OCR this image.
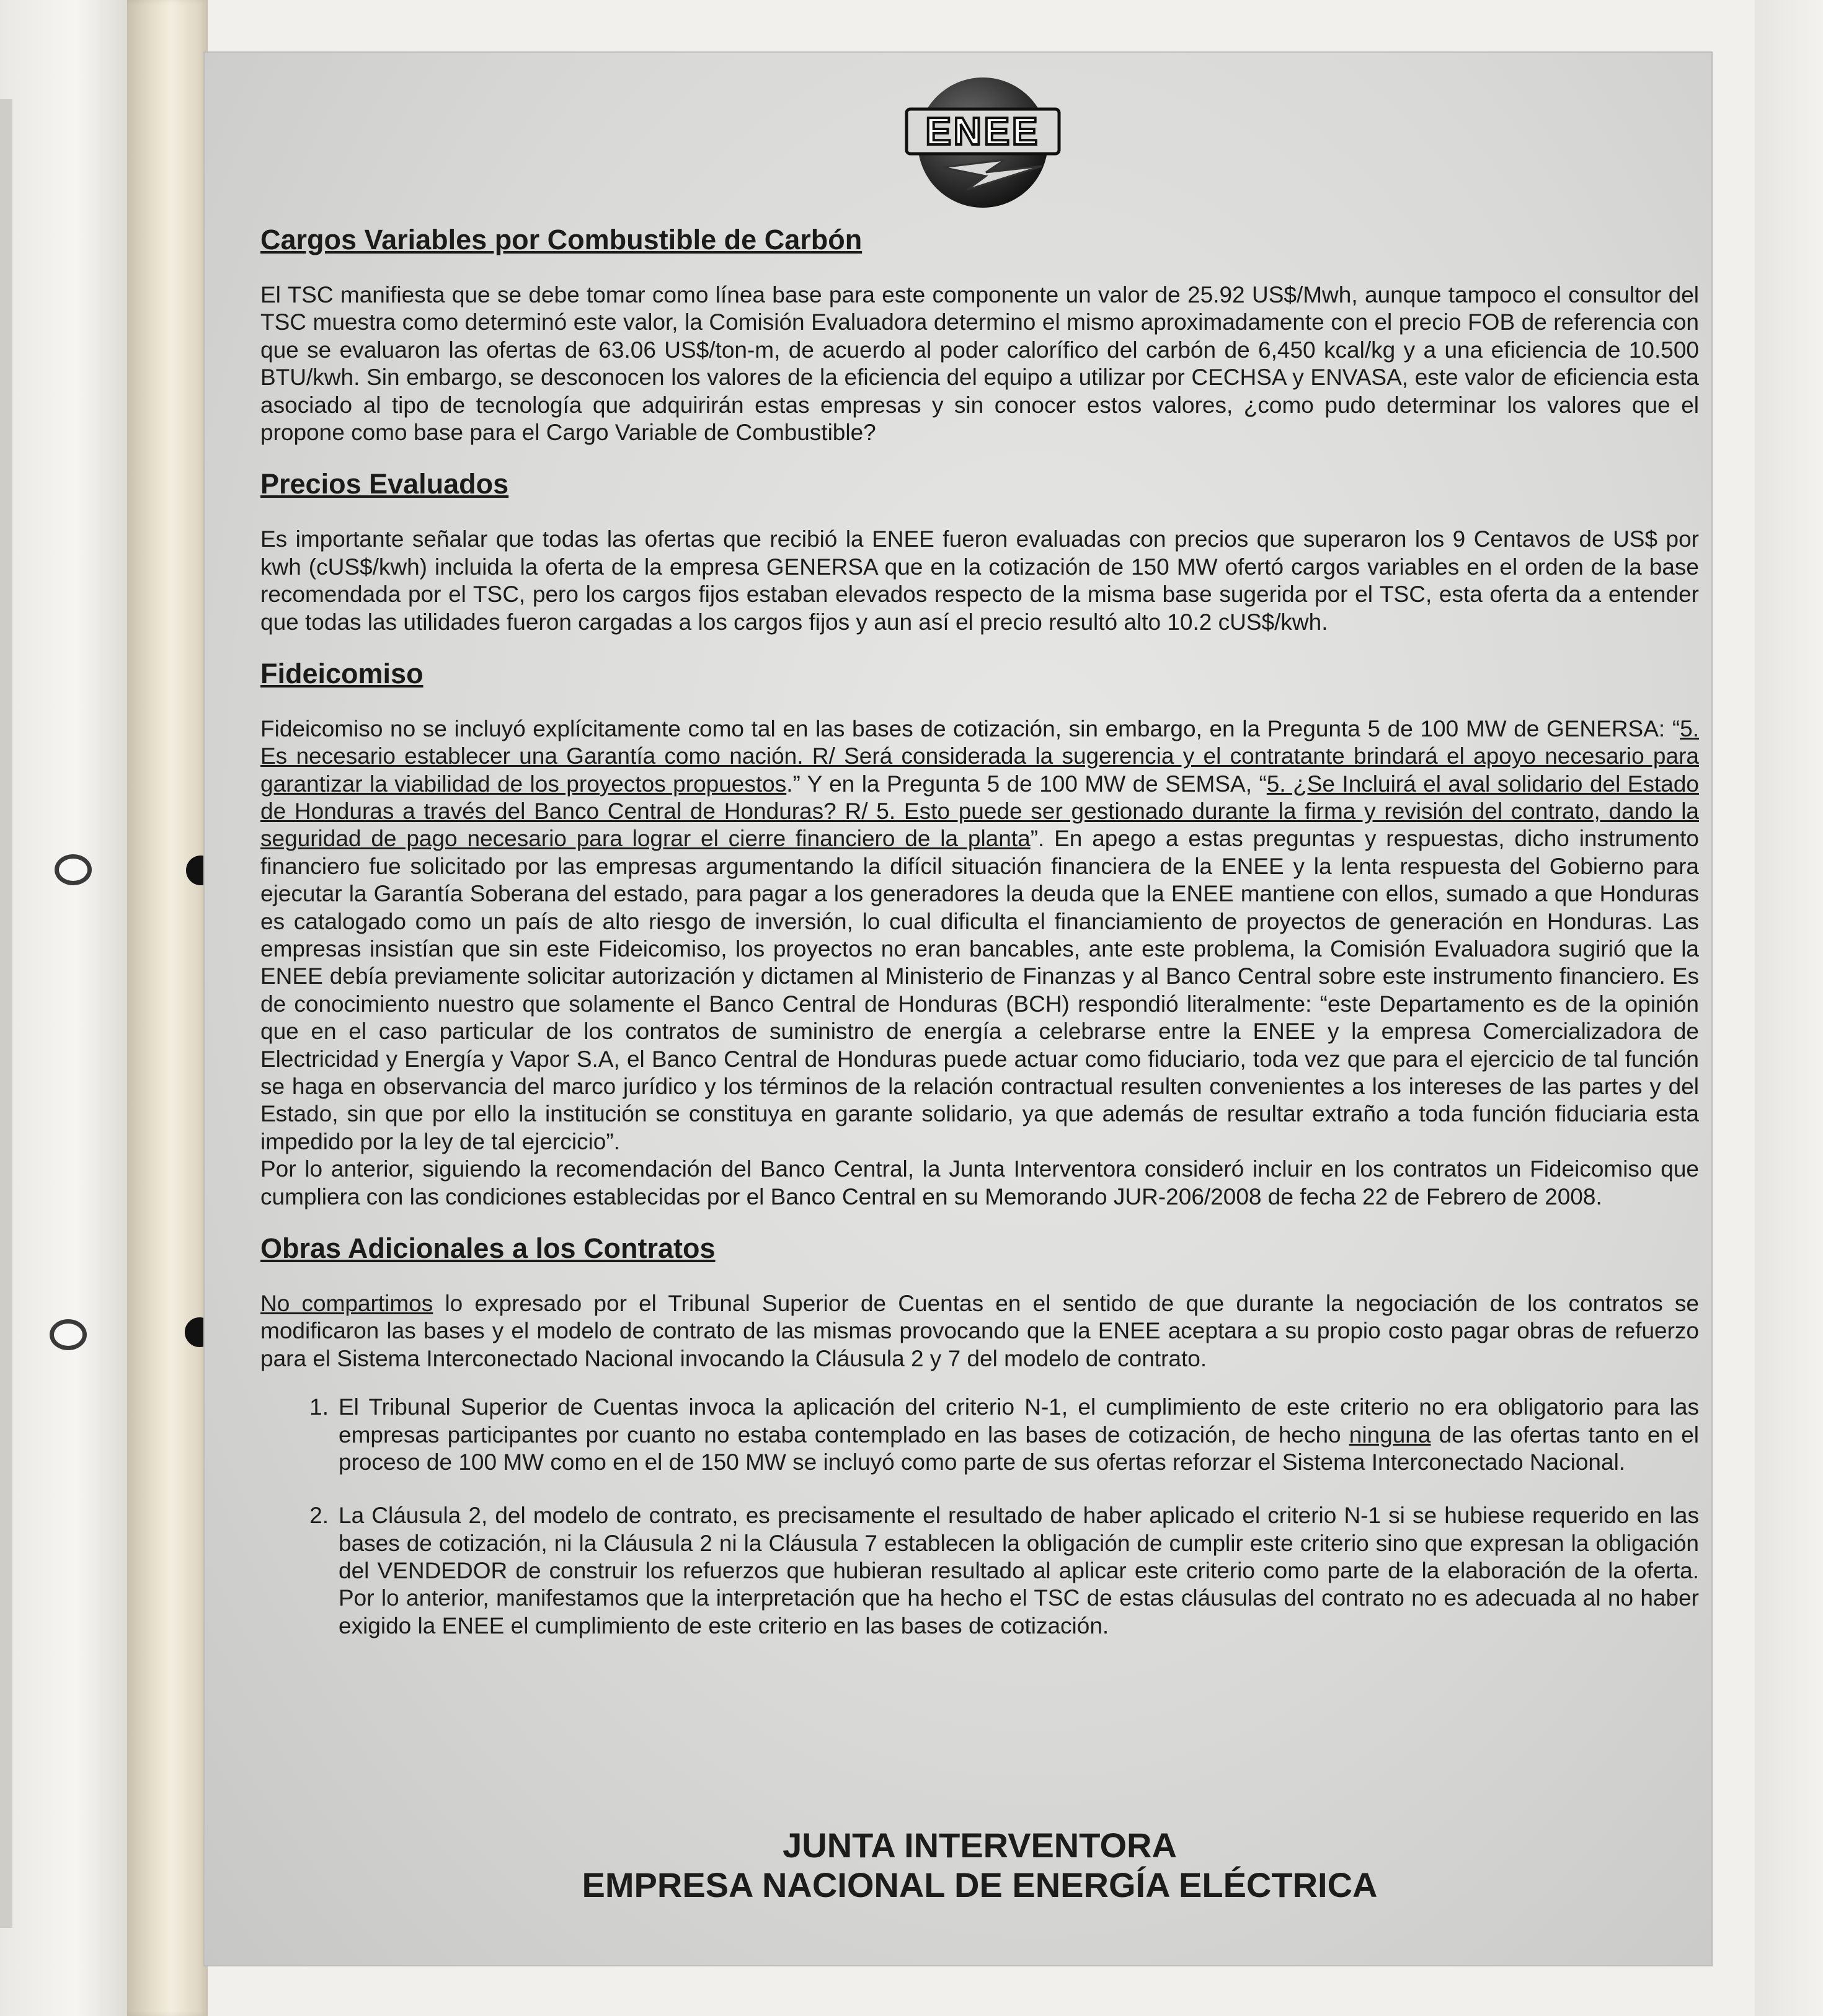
ENEE
Cargos Variables por Combustible de Carbón

El TSC manifiesta que se debe tomar como línea base para este componente un valor de 25.92 US$/Mwh, aunque tampoco el consultor del TSC muestra como determinó este valor, la Comisión Evaluadora determino el mismo aproximadamente con el precio FOB de referencia con que se evaluaron las ofertas de 63.06 US$/ton-m, de acuerdo al poder calorífico del carbón de 6,450 kcal/kg y a una eficiencia de 10.500 BTU/kwh. Sin embargo, se desconocen los valores de la eficiencia del equipo a utilizar por CECHSA y ENVASA, este valor de eficiencia esta asociado al tipo de tecnología que adquirirán estas empresas y sin conocer estos valores, ¿como pudo determinar los valores que el propone como base para el Cargo Variable de Combustible?

Precios Evaluados

Es importante señalar que todas las ofertas que recibió la ENEE fueron evaluadas con precios que superaron los 9 Centavos de US$ por kwh (cUS$/kwh) incluida la oferta de la empresa GENERSA que en la cotización de 150 MW ofertó cargos variables en el orden de la base recomendada por el TSC, pero los cargos fijos estaban elevados respecto de la misma base sugerida por el TSC, esta oferta da a entender que todas las utilidades fueron cargadas a los cargos fijos y aun así el precio resultó alto 10.2 cUS$/kwh.

Fideicomiso

Fideicomiso no se incluyó explícitamente como tal en las bases de cotización, sin embargo, en la Pregunta 5 de 100 MW de GENERSA: “5. Es necesario establecer una Garantía como nación. R/ Será considerada la sugerencia y el contratante brindará el apoyo necesario para garantizar la viabilidad de los proyectos propuestos.” Y en la Pregunta 5 de 100 MW de SEMSA, “5. ¿Se Incluirá el aval solidario del Estado de Honduras a través del Banco Central de Honduras? R/ 5. Esto puede ser gestionado durante la firma y revisión del contrato, dando la seguridad de pago necesario para lograr el cierre financiero de la planta”. En apego a estas preguntas y respuestas, dicho instrumento financiero fue solicitado por las empresas argumentando la difícil situación financiera de la ENEE y la lenta respuesta del Gobierno para ejecutar la Garantía Soberana del estado, para pagar a los generadores la deuda que la ENEE mantiene con ellos, sumado a que Honduras es catalogado como un país de alto riesgo de inversión, lo cual dificulta el financiamiento de proyectos de generación en Honduras. Las empresas insistían que sin este Fideicomiso, los proyectos no eran bancables, ante este problema, la Comisión Evaluadora sugirió que la ENEE debía previamente solicitar autorización y dictamen al Ministerio de Finanzas y al Banco Central sobre este instrumento financiero. Es de conocimiento nuestro que solamente el Banco Central de Honduras (BCH) respondió literalmente: “este Departamento es de la opinión que en el caso particular de los contratos de suministro de energía a celebrarse entre la ENEE y la empresa Comercializadora de Electricidad y Energía y Vapor S.A, el Banco Central de Honduras puede actuar como fiduciario, toda vez que para el ejercicio de tal función se haga en observancia del marco jurídico y los términos de la relación contractual resulten convenientes a los intereses de las partes y del Estado, sin que por ello la institución se constituya en garante solidario, ya que además de resultar extraño a toda función fiduciaria esta impedido por la ley de tal ejercicio”.

Por lo anterior, siguiendo la recomendación del Banco Central, la Junta Interventora consideró incluir en los contratos un Fideicomiso que cumpliera con las condiciones establecidas por el Banco Central en su Memorando JUR-206/2008 de fecha 22 de Febrero de 2008.

Obras Adicionales a los Contratos

No compartimos lo expresado por el Tribunal Superior de Cuentas en el sentido de que durante la negociación de los contratos se modificaron las bases y el modelo de contrato de las mismas provocando que la ENEE aceptara a su propio costo pagar obras de refuerzo para el Sistema Interconectado Nacional invocando la Cláusula 2 y 7 del modelo de contrato.

1. El Tribunal Superior de Cuentas invoca la aplicación del criterio N-1, el cumplimiento de este criterio no era obligatorio para las empresas participantes por cuanto no estaba contemplado en las bases de cotización, de hecho ninguna de las ofertas tanto en el proceso de 100 MW como en el de 150 MW se incluyó como parte de sus ofertas reforzar el Sistema Interconectado Nacional.
2. La Cláusula 2, del modelo de contrato, es precisamente el resultado de haber aplicado el criterio N-1 si se hubiese requerido en las bases de cotización, ni la Cláusula 2 ni la Cláusula 7 establecen la obligación de cumplir este criterio sino que expresan la obligación del VENDEDOR de construir los refuerzos que hubieran resultado al aplicar este criterio como parte de la elaboración de la oferta. Por lo anterior, manifestamos que la interpretación que ha hecho el TSC de estas cláusulas del contrato no es adecuada al no haber exigido la ENEE el cumplimiento de este criterio en las bases de cotización.
JUNTA INTERVENTORA
EMPRESA NACIONAL DE ENERGÍA ELÉCTRICA
